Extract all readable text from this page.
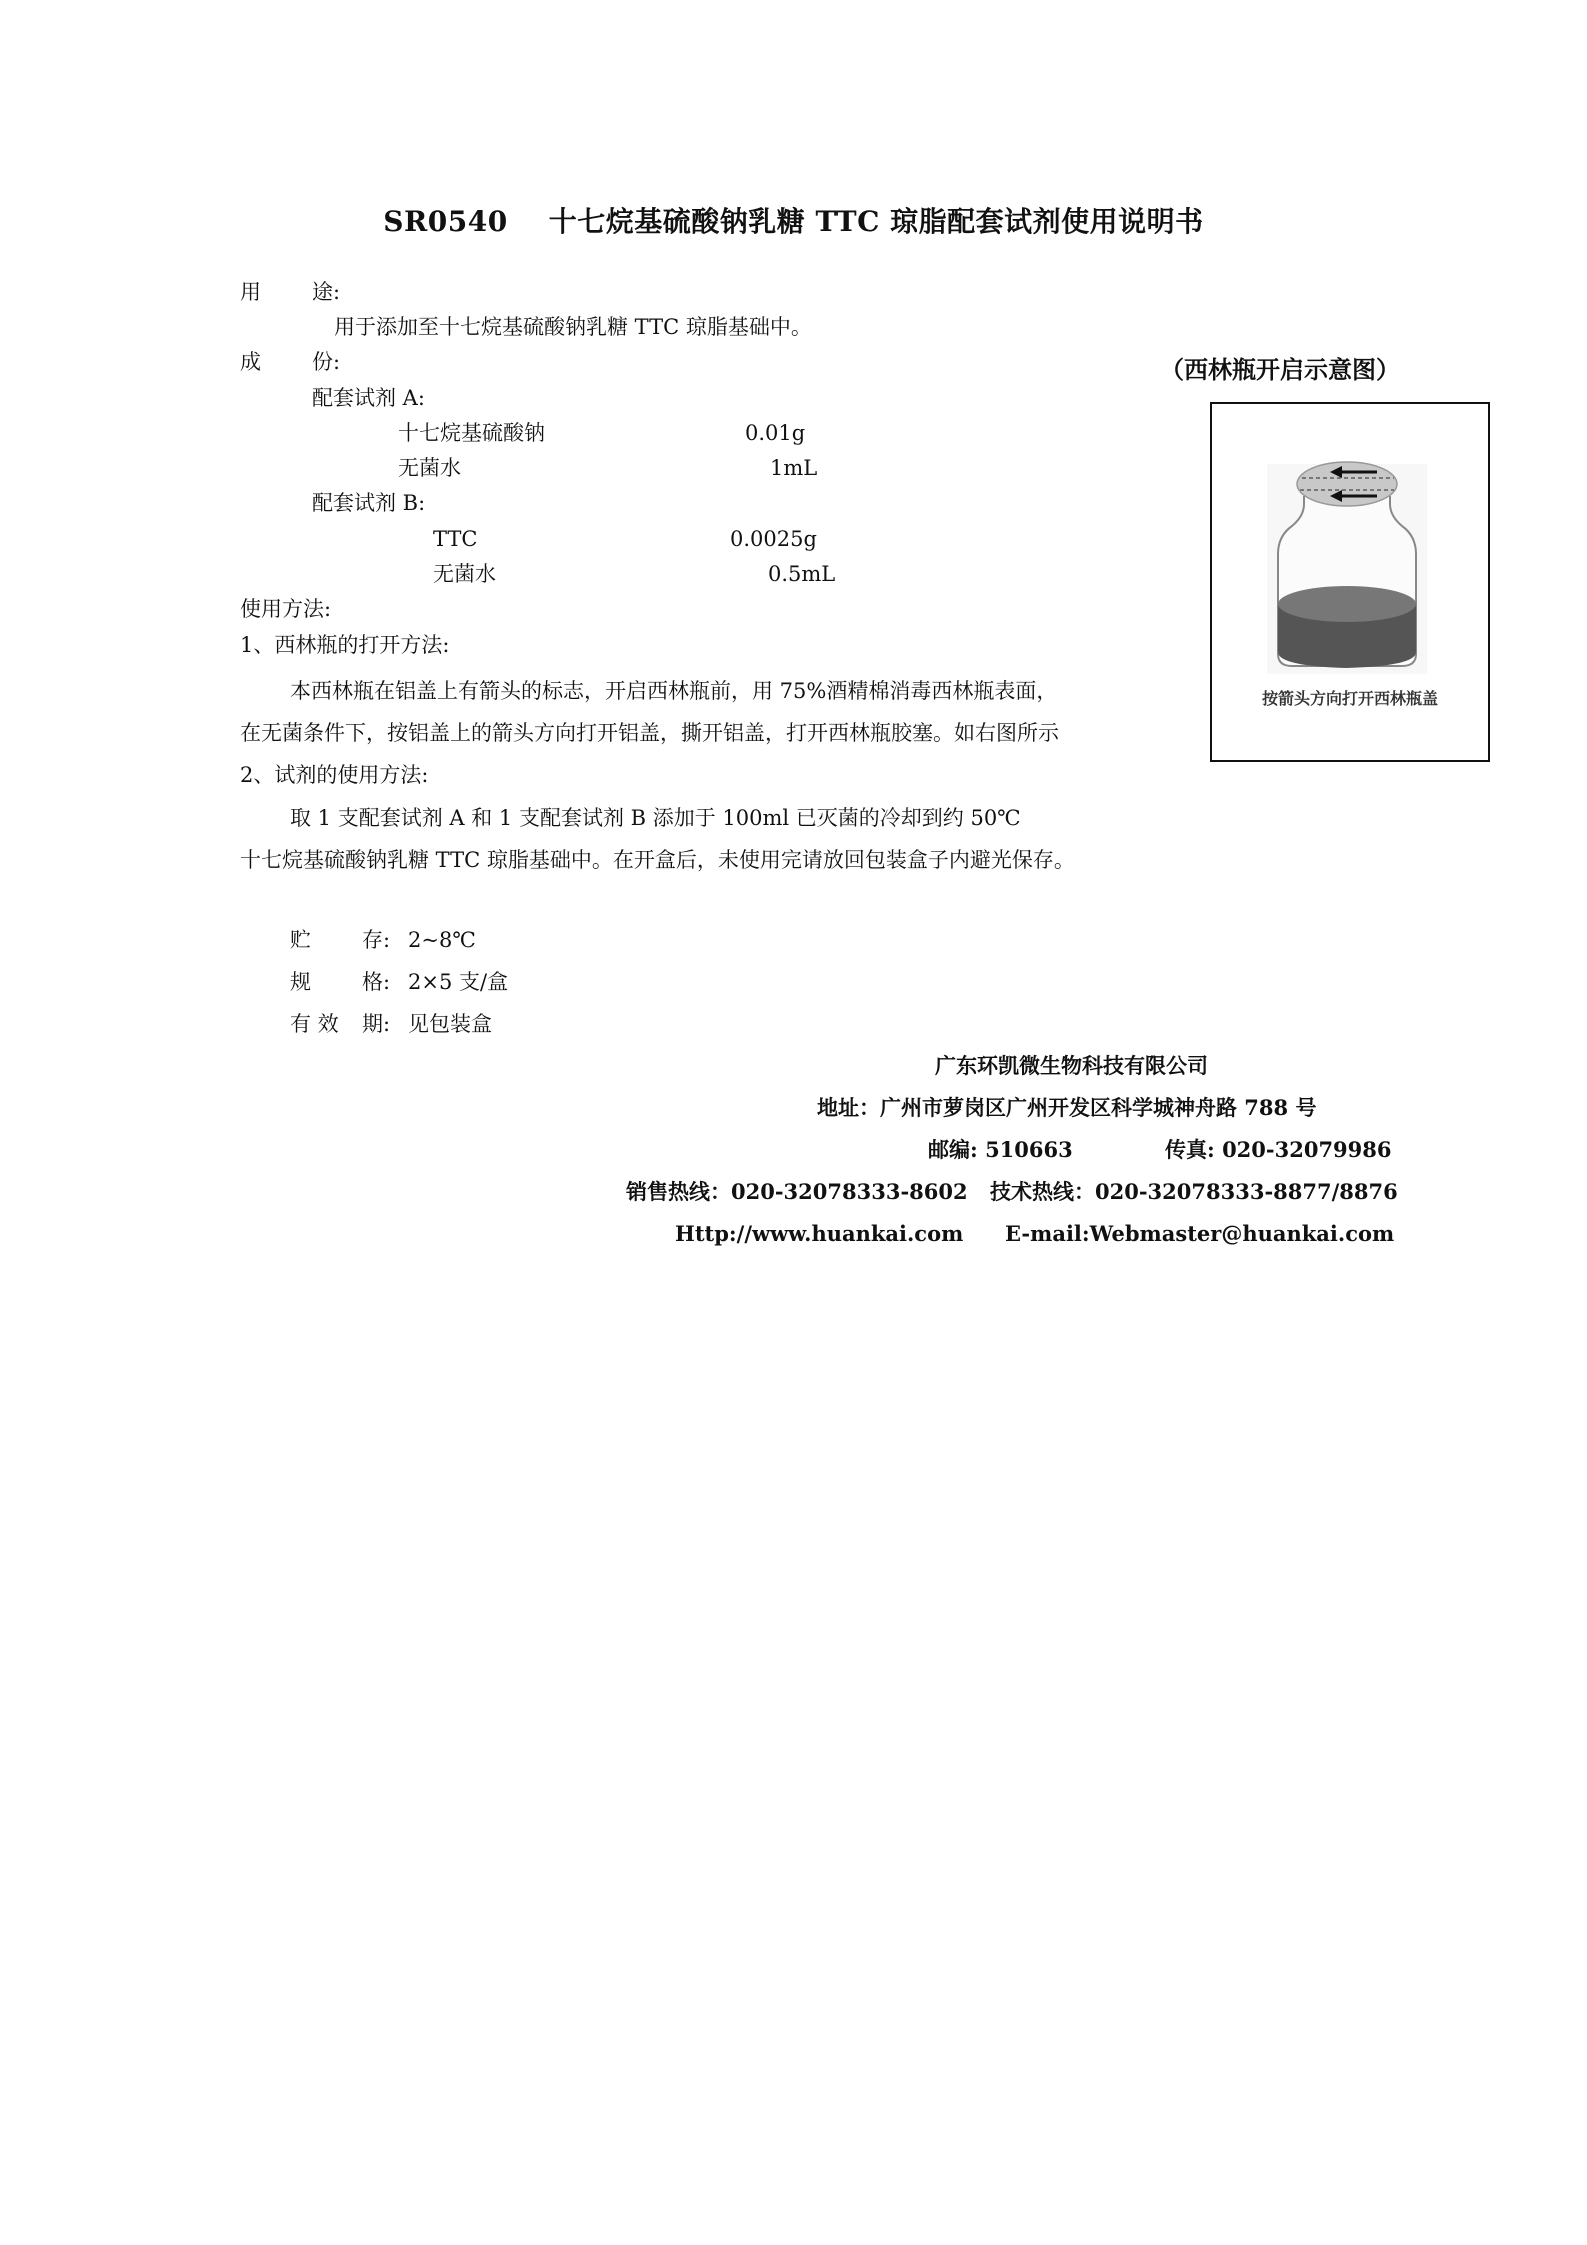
SR0540 十七烷基硫酸钠乳糖 TTC 琼脂配套试剂使用说明书
用 途:
用于添加至十七烷基硫酸钠乳糖 TTC 琼脂基础中。
成 份:
配套试剂 A:
十七烷基硫酸钠	0.01g
无菌水	1mL
配套试剂 B:
TTC	0.0025g
无菌水	0.5mL
使用方法:
1、西林瓶的打开方法:
本西林瓶在铝盖上有箭头的标志，开启西林瓶前，用 75%酒精棉消毒西林瓶表面，
在无菌条件下，按铝盖上的箭头方向打开铝盖，撕开铝盖，打开西林瓶胶塞。如右图所示
2、试剂的使用方法:
取 1 支配套试剂 A 和 1 支配套试剂 B 添加于 100ml 已灭菌的冷却到约 50℃
十七烷基硫酸钠乳糖 TTC 琼脂基础中。在开盒后，未使用完请放回包装盒子内避光保存。
（西林瓶开启示意图）
按箭头方向打开西林瓶盖
贮 存: 2~8℃
规 格: 2×5 支/盒
有 效 期: 见包装盒
广东环凯微生物科技有限公司
地址：广州市萝岗区广州开发区科学城神舟路 788 号
邮编: 510663	传真: 020-32079986
销售热线：020-32078333-8602 技术热线：020-32078333-8877/8876
Http://www.huankai.com E-mail:Webmaster@huankai.com
